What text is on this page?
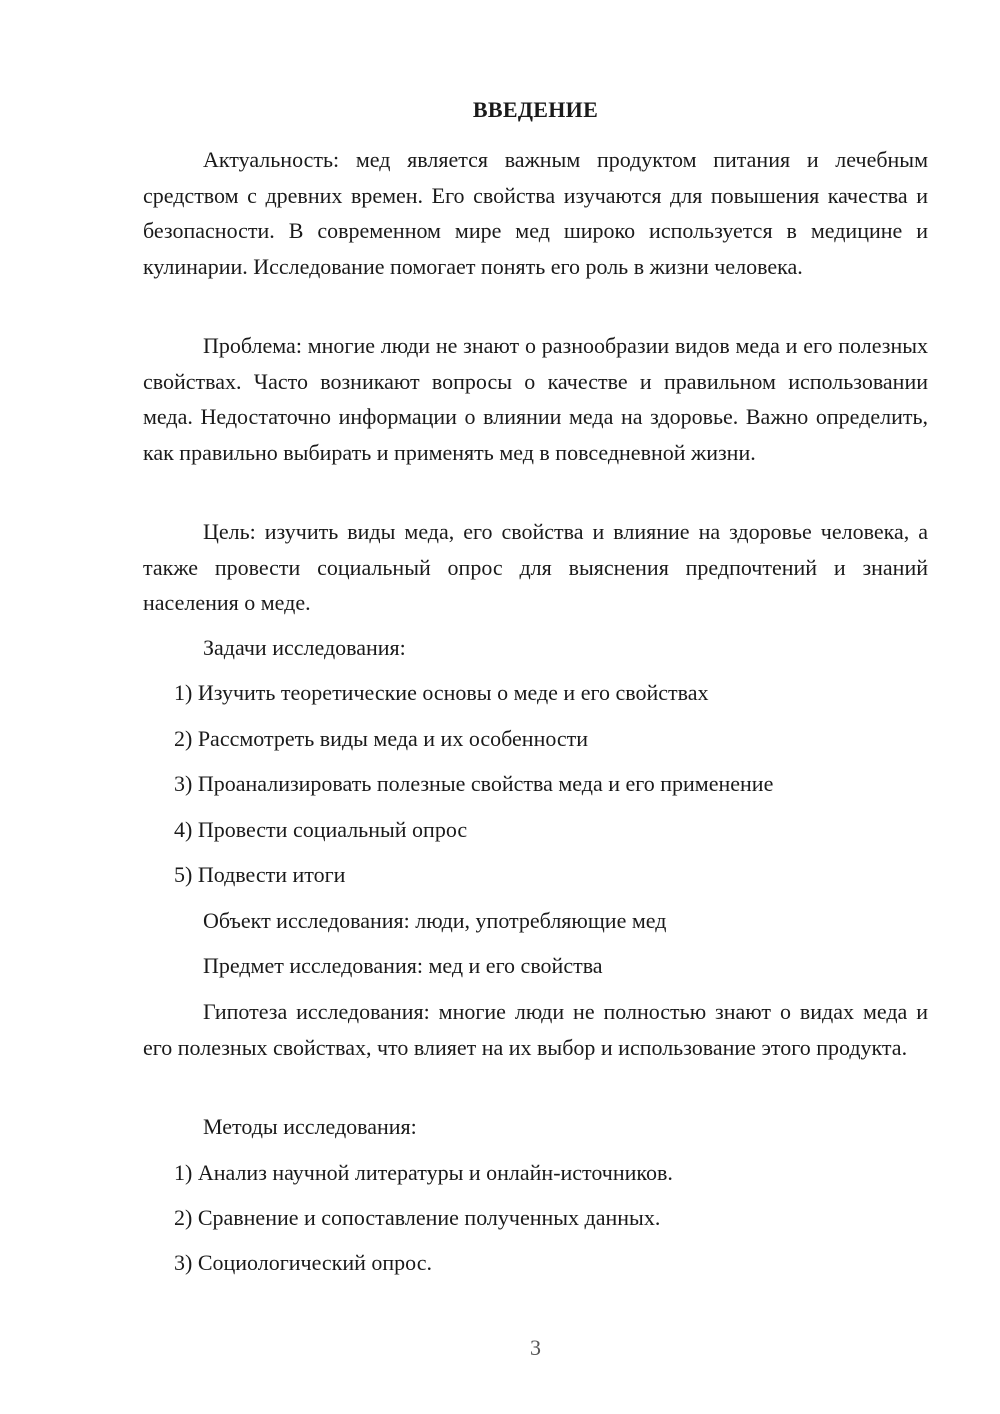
ВВЕДЕНИЕ

Актуальность: мед является важным продуктом питания и лечебным средством с древних времен. Его свойства изучаются для повышения качества и безопасности. В современном мире мед широко используется в медицине и кулинарии. Исследование помогает понять его роль в жизни человека.

Проблема: многие люди не знают о разнообразии видов меда и его полезных свойствах. Часто возникают вопросы о качестве и правильном использовании меда. Недостаточно информации о влиянии меда на здоровье. Важно определить, как правильно выбирать и применять мед в повседневной жизни.

Цель: изучить виды меда, его свойства и влияние на здоровье человека, а также провести социальный опрос для выяснения предпочтений и знаний населения о меде.

Задачи исследования:
1) Изучить теоретические основы о меде и его свойствах
2) Рассмотреть виды меда и их особенности
3) Проанализировать полезные свойства меда и его применение
4) Провести социальный опрос
5) Подвести итоги
Объект исследования: люди, употребляющие мед
Предмет исследования: мед и его свойства

Гипотеза исследования: многие люди не полностью знают о видах меда и его полезных свойствах, что влияет на их выбор и использование этого продукта.

Методы исследования:
1) Анализ научной литературы и онлайн-источников.
2) Сравнение и сопоставление полученных данных.
3) Социологический опрос.
3
